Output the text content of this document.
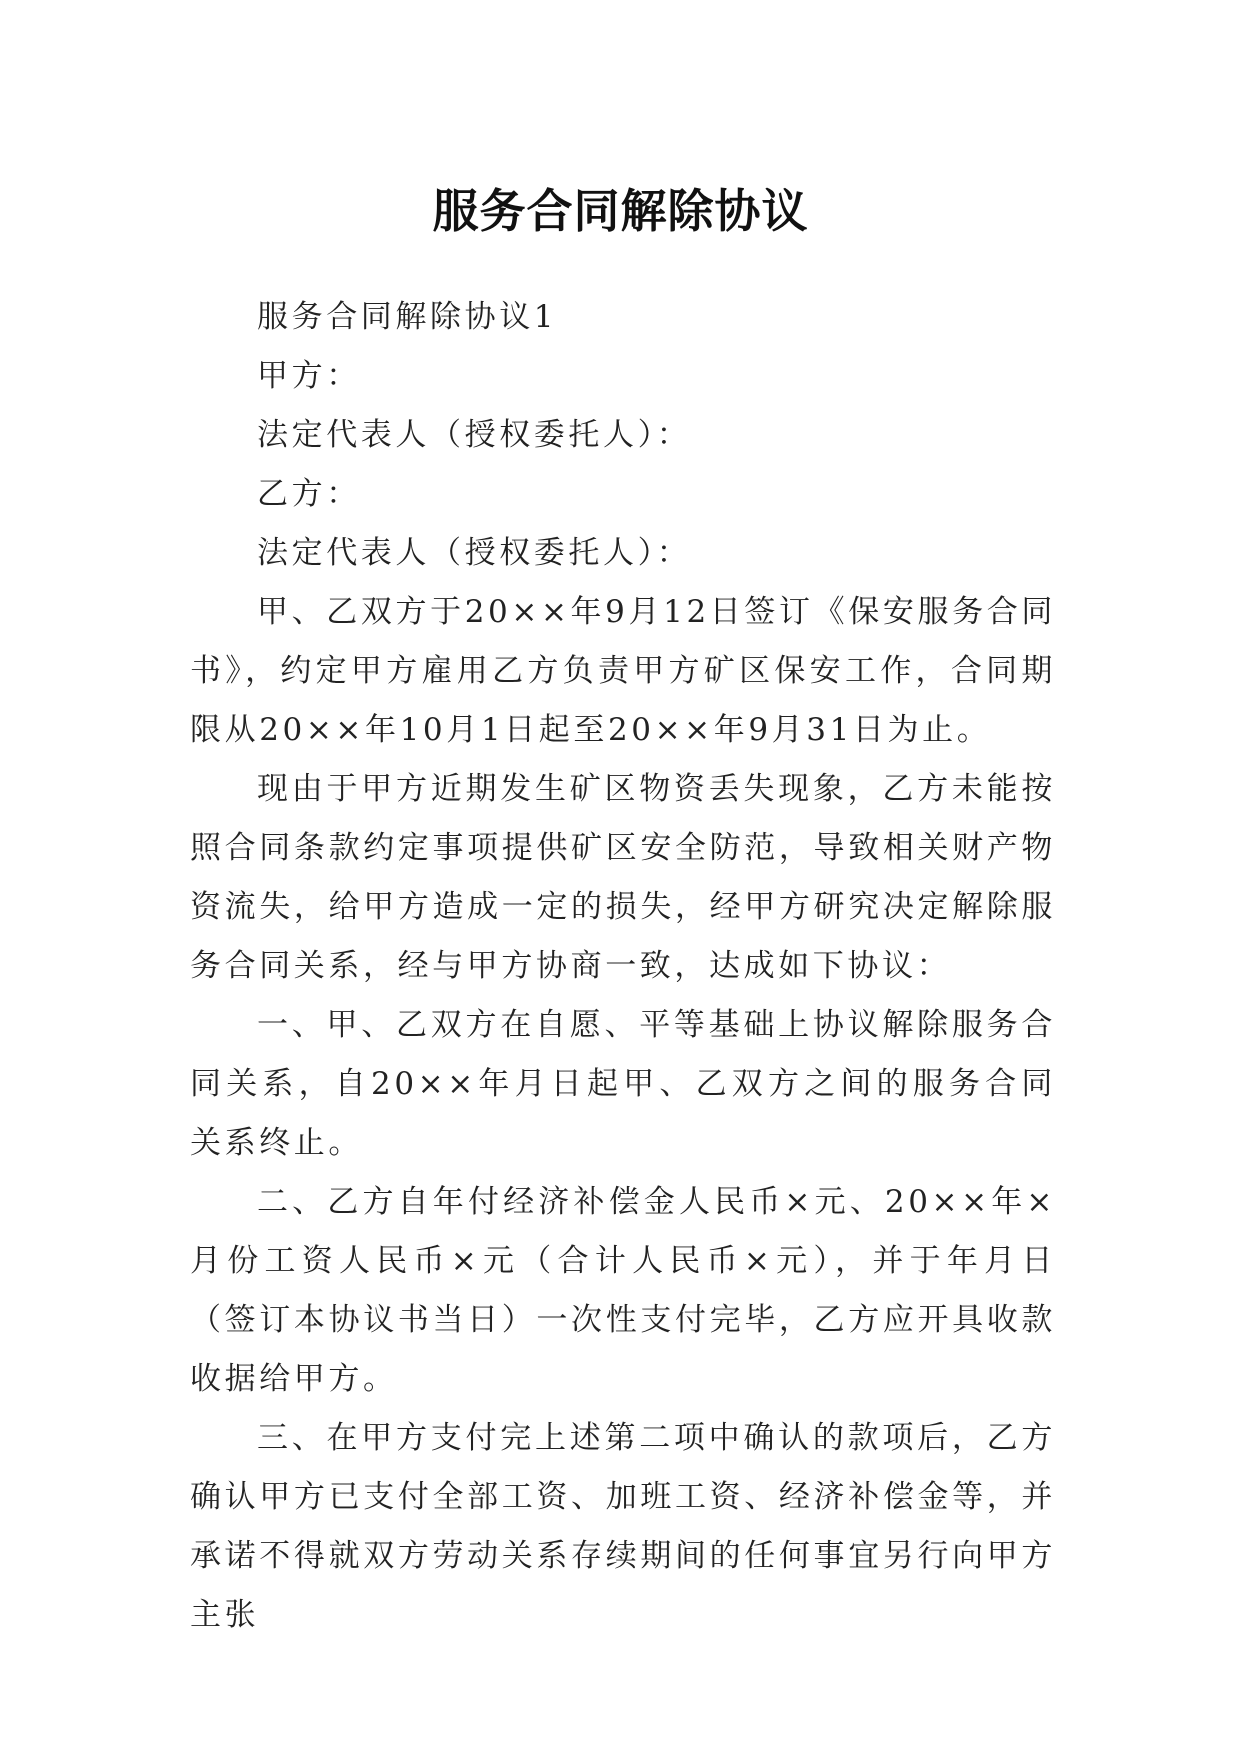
服务合同解除协议

服务合同解除协议1

甲方：

法定代表人（授权委托人）：

乙方：

法定代表人（授权委托人）：

甲、乙双方于20××年9月12日签订《保安服务合同书》，约定甲方雇用乙方负责甲方矿区保安工作，合同期限从20××年10月1日起至20××年9月31日为止。

现由于甲方近期发生矿区物资丢失现象，乙方未能按照合同条款约定事项提供矿区安全防范，导致相关财产物资流失，给甲方造成一定的损失，经甲方研究决定解除服务合同关系，经与甲方协商一致，达成如下协议：

一、甲、乙双方在自愿、平等基础上协议解除服务合同关系，自20××年月日起甲、乙双方之间的服务合同关系终止。

二、乙方自年付经济补偿金人民币×元、20××年×月份工资人民币×元（合计人民币×元），并于年月日（签订本协议书当日）一次性支付完毕，乙方应开具收款收据给甲方。

三、在甲方支付完上述第二项中确认的款项后，乙方确认甲方已支付全部工资、加班工资、经济补偿金等，并承诺不得就双方劳动关系存续期间的任何事宜另行向甲方主张
